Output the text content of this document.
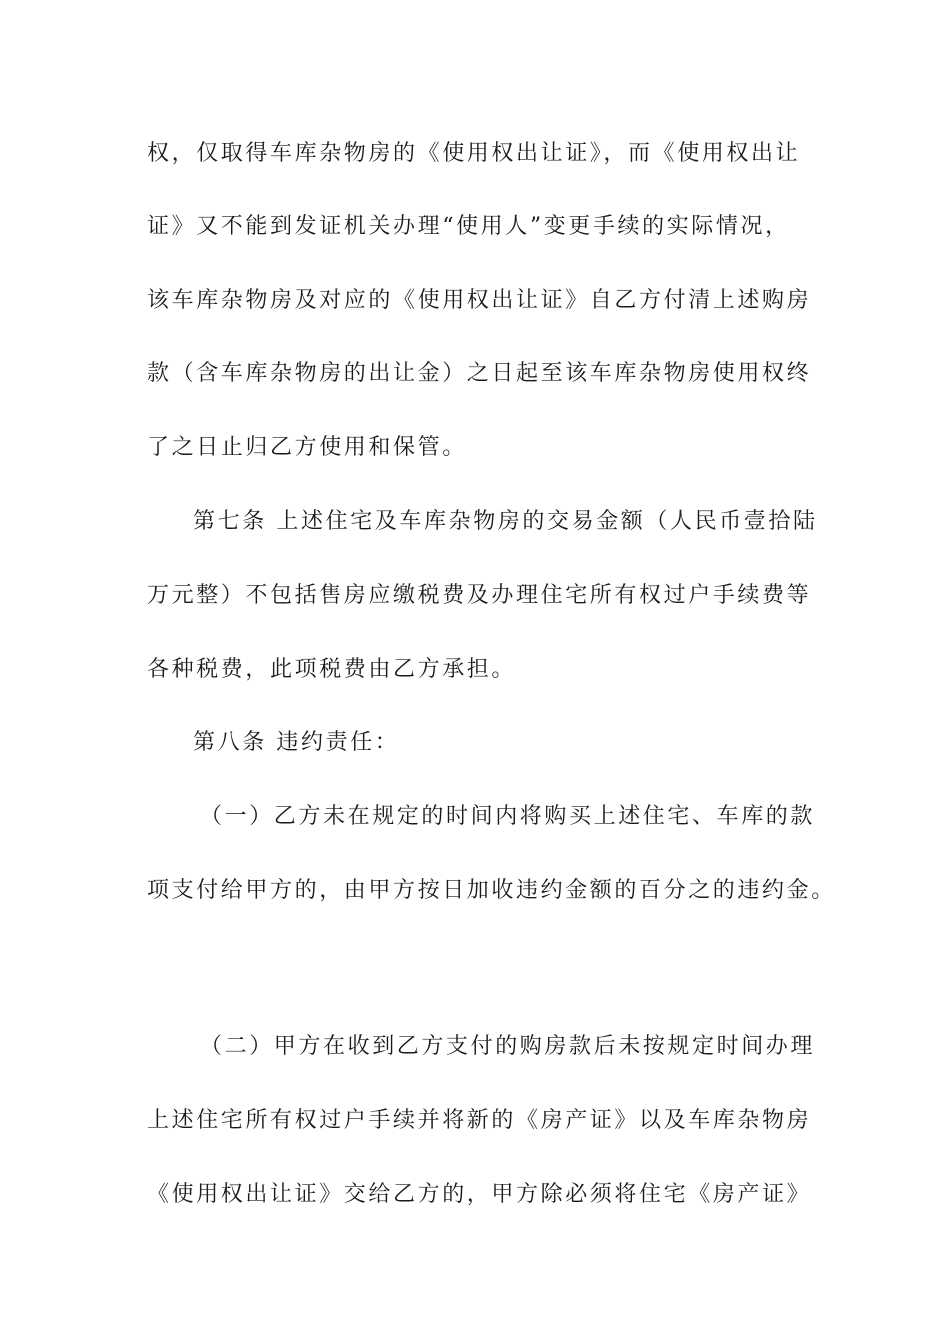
权，仅取得车库杂物房的《使用权出让证》，而《使用权出让
证》又不能到发证机关办理“使用人”变更手续的实际情况，
该车库杂物房及对应的《使用权出让证》自乙方付清上述购房
款（含车库杂物房的出让金）之日起至该车库杂物房使用权终
了之日止归乙方使用和保管。
第七条 上述住宅及车库杂物房的交易金额（人民币壹拾陆
万元整）不包括售房应缴税费及办理住宅所有权过户手续费等
各种税费，此项税费由乙方承担。
第八条 违约责任：
（一）乙方未在规定的时间内将购买上述住宅、车库的款
项支付给甲方的，由甲方按日加收违约金额的百分之的违约金。
（二）甲方在收到乙方支付的购房款后未按规定时间办理
上述住宅所有权过户手续并将新的《房产证》以及车库杂物房
《使用权出让证》交给乙方的，甲方除必须将住宅《房产证》
